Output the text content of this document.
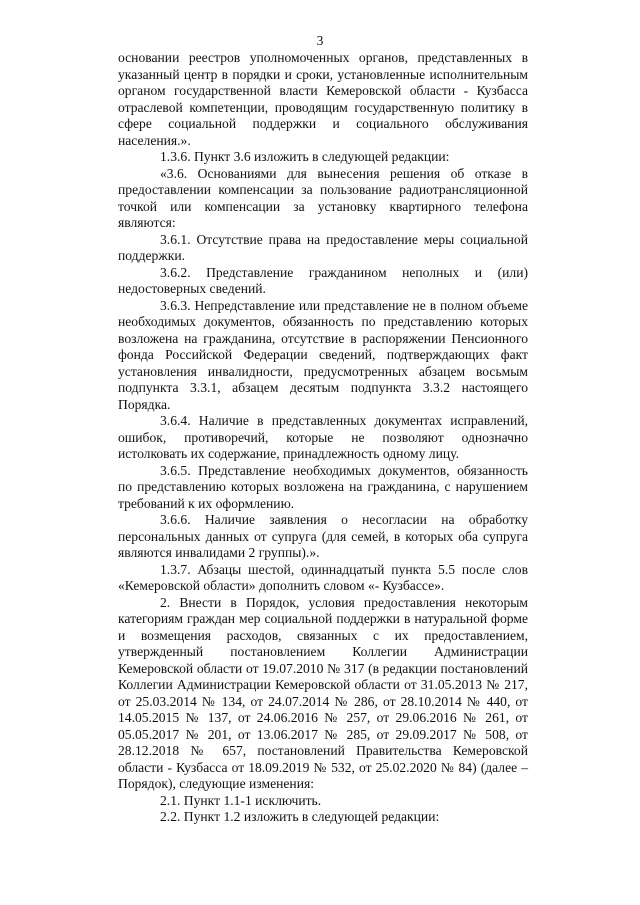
3

основании реестров уполномоченных органов, представленных в указанный центр в порядки и сроки, установленные исполнительным органом государственной власти Кемеровской области - Кузбасса отраслевой компетенции, проводящим государственную политику в сфере социальной поддержки и социального обслуживания населения.».

1.3.6. Пункт 3.6 изложить в следующей редакции:

«3.6. Основаниями для вынесения решения об отказе в предоставлении компенсации за пользование радиотрансляционной точкой или компенсации за установку квартирного телефона являются:

3.6.1. Отсутствие права на предоставление меры социальной поддержки.

3.6.2. Представление гражданином неполных и (или) недостоверных сведений.

3.6.3. Непредставление или представление не в полном объеме необходимых документов, обязанность по представлению которых возложена на гражданина, отсутствие в распоряжении Пенсионного фонда Российской Федерации сведений, подтверждающих факт установления инвалидности, предусмотренных абзацем восьмым подпункта 3.3.1, абзацем десятым подпункта 3.3.2 настоящего Порядка.

3.6.4. Наличие в представленных документах исправлений, ошибок, противоречий, которые не позволяют однозначно истолковать их содержание, принадлежность одному лицу.

3.6.5. Представление необходимых документов, обязанность по представлению которых возложена на гражданина, с нарушением требований к их оформлению.

3.6.6. Наличие заявления о несогласии на обработку персональных данных от супруга (для семей, в которых оба супруга являются инвалидами 2 группы).».

1.3.7. Абзацы шестой, одиннадцатый пункта 5.5 после слов «Кемеровской области» дополнить словом «- Кузбассе».

2. Внести в Порядок, условия предоставления некоторым категориям граждан мер социальной поддержки в натуральной форме и возмещения расходов, связанных с их предоставлением, утвержденный постановлением Коллегии Администрации Кемеровской области от 19.07.2010 № 317 (в редакции постановлений Коллегии Администрации Кемеровской области от 31.05.2013 № 217, от 25.03.2014 № 134, от 24.07.2014 № 286, от 28.10.2014 № 440, от 14.05.2015 № 137, от 24.06.2016 № 257, от 29.06.2016 № 261, от 05.05.2017 № 201, от 13.06.2017 № 285, от 29.09.2017 № 508, от 28.12.2018 № 657, постановлений Правительства Кемеровской области - Кузбасса от 18.09.2019 № 532, от 25.02.2020 № 84) (далее – Порядок), следующие изменения:

2.1. Пункт 1.1-1 исключить.

2.2. Пункт 1.2 изложить в следующей редакции:
